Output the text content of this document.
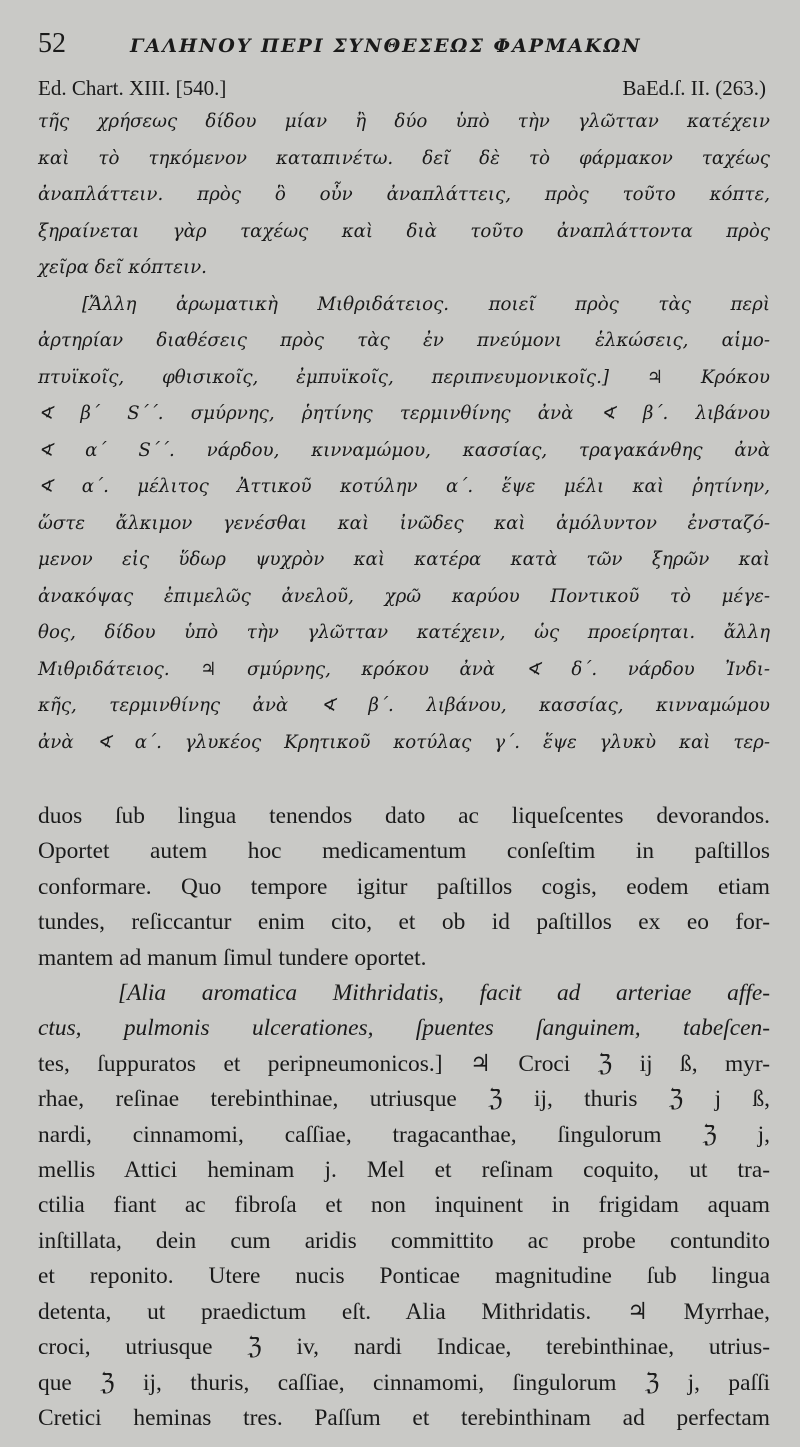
52	ΓΑΛΗΝΟΥ ΠΕΡΙ ΣΥΝΘΕΣΕΩΣ ΦΑΡΜΑΚΩΝ
Ed. Chart. XIII. [540.]	BaEd.ſ. II. (263.)

τῆς χρήσεως δίδου μίαν ἢ δύο ὑπὸ τὴν γλῶτταν κατέχειν

καὶ τὸ τηκόμενον καταπινέτω. δεῖ δὲ τὸ φάρμακον ταχέως

ἀναπλάττειν. πρὸς ὃ οὖν ἀναπλάττεις, πρὸς τοῦτο κόπτε,

ξηραίνεται γὰρ ταχέως καὶ διὰ τοῦτο ἀναπλάττοντα πρὸς

χεῖρα δεῖ κόπτειν.

[Ἄλλη ἀρωματικὴ Μιθριδάτειος. ποιεῖ πρὸς τὰς περὶ

ἀρτηρίαν διαθέσεις πρὸς τὰς ἐν πνεύμονι ἑλκώσεις, αἱμο-

πτυϊκοῖς, φθισικοῖς, ἐμπυϊκοῖς, περιπνευμονικοῖς.] ♃ Κρόκου

∢ β΄ S΄΄. σμύρνης, ῥητίνης τερμινθίνης ἀνὰ ∢ β΄. λιβάνου

∢ α΄ S΄΄. νάρδου, κινναμώμου, κασσίας, τραγακάνθης ἀνὰ

∢ α΄. μέλιτος Ἀττικοῦ κοτύλην α΄. ἕψε μέλι καὶ ῥητίνην,

ὥστε ἄλκιμον γενέσθαι καὶ ἰνῶδες καὶ ἀμόλυντον ἐνσταζό-

μενον εἰς ὕδωρ ψυχρὸν καὶ κατέρα κατὰ τῶν ξηρῶν καὶ

ἀνακόψας ἐπιμελῶς ἀνελοῦ, χρῶ καρύου Ποντικοῦ τὸ μέγε-

θος, δίδου ὑπὸ τὴν γλῶτταν κατέχειν, ὡς προείρηται. ἄλλη

Μιθριδάτειος. ♃ σμύρνης, κρόκου ἀνὰ ∢ δ΄. νάρδου Ἰνδι-

κῆς, τερμινθίνης ἀνὰ ∢ β΄. λιβάνου, κασσίας, κινναμώμου

ἀνὰ ∢ α΄. γλυκέος Κρητικοῦ κοτύλας γ΄. ἕψε γλυκὺ καὶ τερ-

duos ſub lingua tenendos dato ac liqueſcentes devorandos.

Oportet autem hoc medicamentum conſeſtim in paſtillos

conformare. Quo tempore igitur paſtillos cogis, eodem etiam

tundes, reſiccantur enim cito, et ob id paſtillos ex eo for-

mantem ad manum ſimul tundere oportet.

[Alia aromatica Mithridatis, facit ad arteriae affe-

ctus, pulmonis ulcerationes, ſpuentes ſanguinem, tabeſcen-

tes, ſuppuratos et peripneumonicos.] ♃ Croci ℨ ij ß, myr-

rhae, reſinae terebinthinae, utriusque ℨ ij, thuris ℨ j ß,

nardi, cinnamomi, caſſiae, tragacanthae, ſingulorum ℨ j,

mellis Attici heminam j. Mel et reſinam coquito, ut tra-

ctilia fiant ac fibroſa et non inquinent in frigidam aquam

inſtillata, dein cum aridis committito ac probe contundito

et reponito. Utere nucis Ponticae magnitudine ſub lingua

detenta, ut praedictum eſt. Alia Mithridatis. ♃ Myrrhae,

croci, utriusque ℨ iv, nardi Indicae, terebinthinae, utrius-

que ℨ ij, thuris, caſſiae, cinnamomi, ſingulorum ℨ j, paſſi

Cretici heminas tres. Paſſum et terebinthinam ad perfectam
